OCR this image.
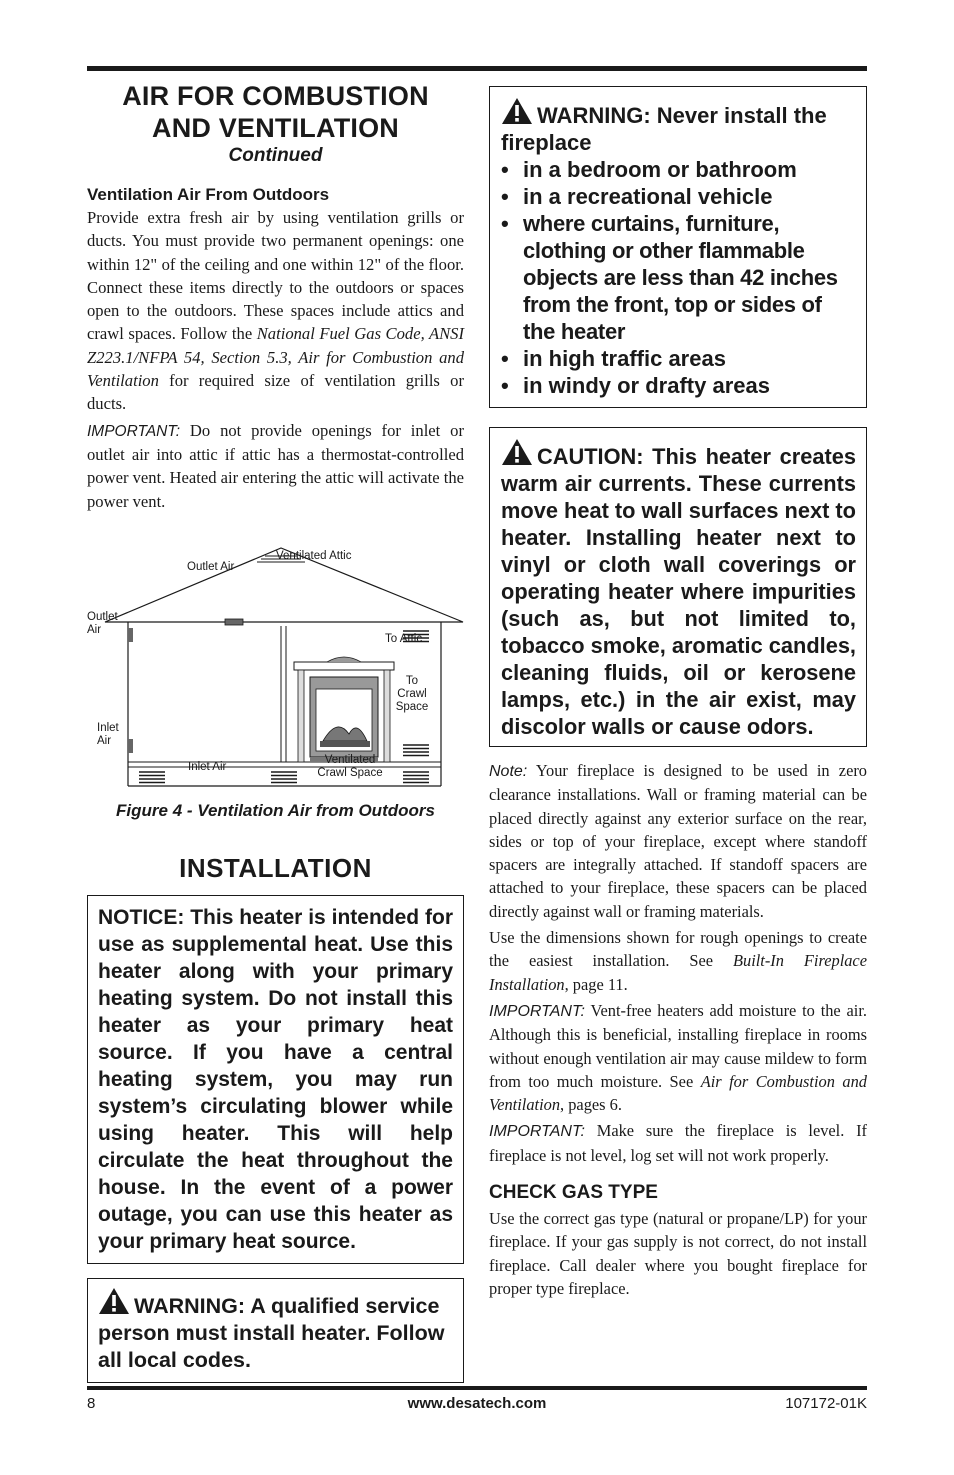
AIR FOR COMBUSTION
AND VENTILATION
Continued
Ventilation Air From Outdoors

Provide extra fresh air by using ventilation grills or ducts. You must provide two permanent openings: one within 12" of the ceiling and one within 12" of the floor. Connect these items directly to the outdoors or spaces open to the outdoors. These spaces include attics and crawl spaces. Follow the National Fuel Gas Code, ANSI Z223.1/NFPA 54, Section 5.3, Air for Combustion and Ventilation for required size of ventilation grills or ducts.

IMPORTANT: Do not provide openings for inlet or outlet air into attic if attic has a thermostat-controlled power vent. Heated air entering the attic will activate the power vent.

Outlet Air
Ventilated Attic
Outlet Air
To Attic
To Crawl Space
Inlet Air
Inlet Air
Ventilated Crawl Space
Figure 4 - Ventilation Air from Outdoors
INSTALLATION
NOTICE: This heater is intended for use as supplemental heat. Use this heater along with your primary heating system. Do not install this heater as your primary heat source. If you have a central heating system, you may run system’s circulating blower while using heater. This will help circulate the heat throughout the house. In the event of a power outage, you can use this heater as your primary heat source.
WARNING: A qualified service person must install heater. Follow all local codes.
WARNING: Never install the fireplace
• in a bedroom or bathroom
• in a recreational vehicle
• where curtains, furniture, clothing or other flammable objects are less than 42 inches from the front, top or sides of the heater
• in high traffic areas
• in windy or drafty areas
CAUTION: This heater creates warm air currents. These currents move heat to wall surfaces next to heater. Installing heater next to vinyl or cloth wall coverings or operating heater where impurities (such as, but not limited to, tobacco smoke, aromatic candles, cleaning fluids, oil or kerosene lamps, etc.) in the air exist, may discolor walls or cause odors.

Note: Your fireplace is designed to be used in zero clearance installations. Wall or framing material can be placed directly against any exterior surface on the rear, sides or top of your fireplace, except where standoff spacers are integrally attached. If standoff spacers are attached to your fireplace, these spacers can be placed directly against wall or framing materials.

Use the dimensions shown for rough openings to create the easiest installation. See Built-In Fireplace Installation, page 11.

IMPORTANT: Vent-free heaters add moisture to the air. Although this is beneficial, installing fireplace in rooms without enough ventilation air may cause mildew to form from too much moisture. See Air for Combustion and Ventilation, pages 6.

IMPORTANT: Make sure the fireplace is level. If fireplace is not level, log set will not work properly.

CHECK GAS TYPE

Use the correct gas type (natural or propane/LP) for your fireplace. If your gas supply is not correct, do not install fireplace. Call dealer where you bought fireplace for proper type fireplace.

8	www.desatech.com	107172-01K
